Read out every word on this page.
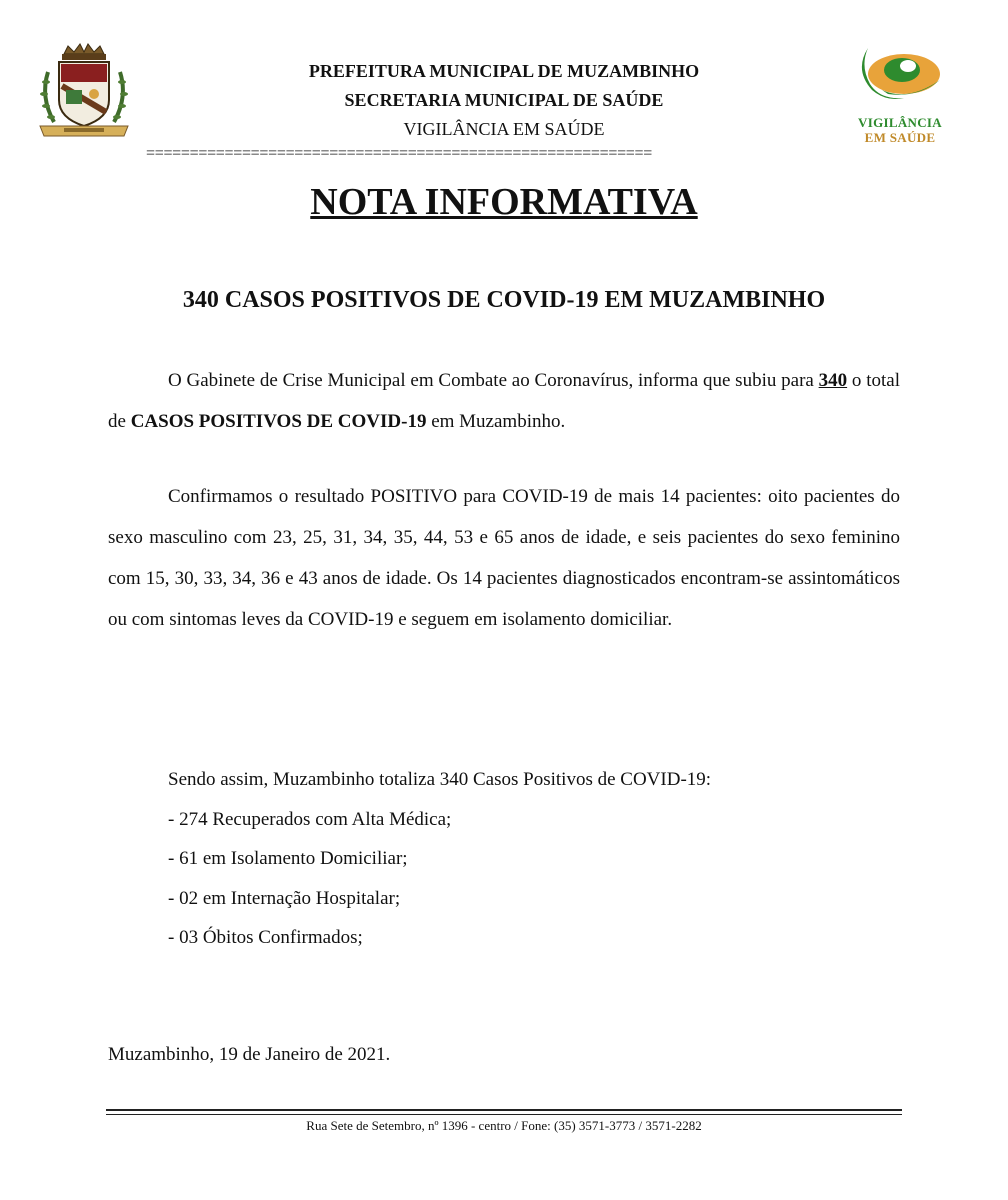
VIGILÂNCIA
EM SAÚDE
PREFEITURA MUNICIPAL DE MUZAMBINHO
SECRETARIA MUNICIPAL DE SAÚDE
VIGILÂNCIA EM SAÚDE
==========================================================
NOTA INFORMATIVA
340 CASOS POSITIVOS DE COVID-19 EM MUZAMBINHO
O Gabinete de Crise Municipal em Combate ao Coronavírus, informa que subiu para 340 o total de CASOS POSITIVOS DE COVID-19 em Muzambinho.
Confirmamos o resultado POSITIVO para COVID-19 de mais 14 pacientes: oito pacientes do sexo masculino com 23, 25, 31, 34, 35, 44, 53 e 65 anos de idade, e seis pacientes do sexo feminino com 15, 30, 33, 34, 36 e 43 anos de idade. Os 14 pacientes diagnosticados encontram-se assintomáticos ou com sintomas leves da COVID-19 e seguem em isolamento domiciliar.
Sendo assim, Muzambinho totaliza 340 Casos Positivos de COVID-19:
- 274 Recuperados com Alta Médica;
- 61 em Isolamento Domiciliar;
- 02 em Internação Hospitalar;
- 03 Óbitos Confirmados;
Muzambinho, 19 de Janeiro de 2021.
Rua Sete de Setembro, nº 1396 - centro / Fone: (35) 3571-3773 / 3571-2282
